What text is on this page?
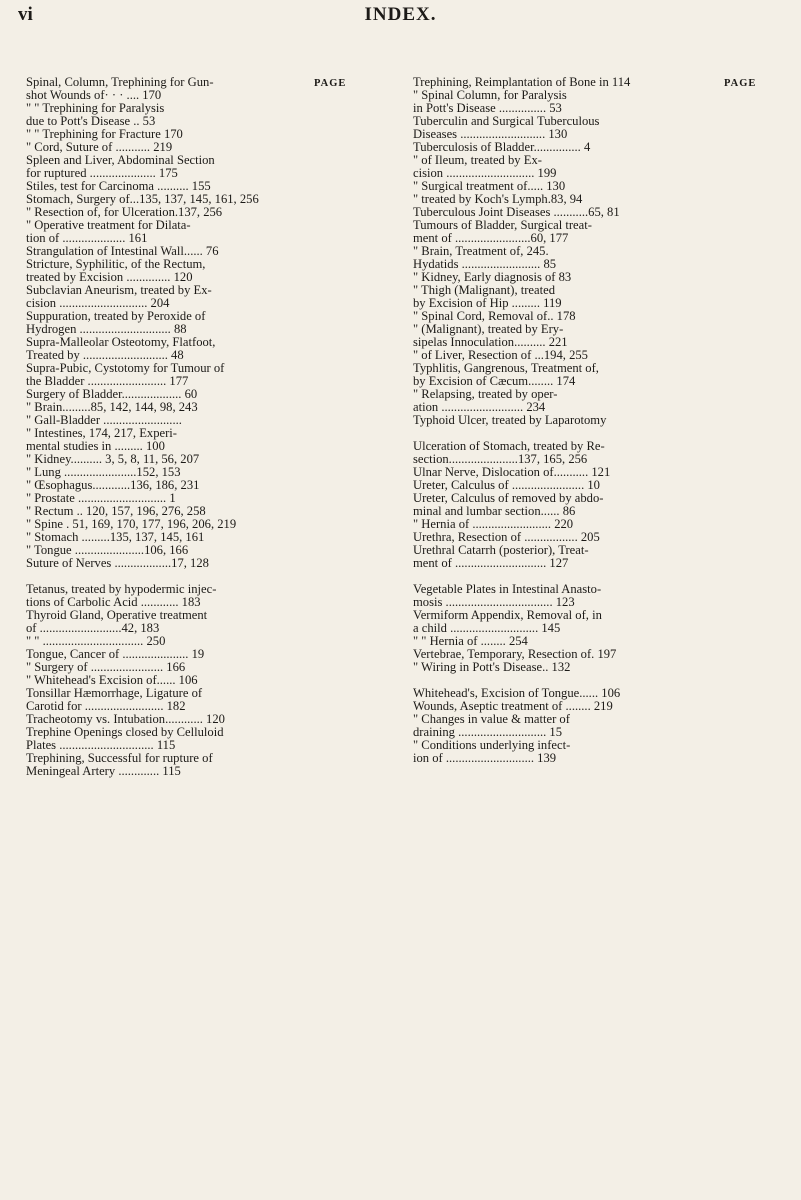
vi	INDEX.
PAGE	PAGE
Spinal, Column, Trephining for Gun-
shot Wounds of· · · .... 170
" " Trephining for Paralysis
due to Pott's Disease .. 53
" " Trephining for Fracture 170
" Cord, Suture of ........... 219
Spleen and Liver, Abdominal Section
for ruptured ..................... 175
Stiles, test for Carcinoma .......... 155
Stomach, Surgery of...135, 137, 145, 161, 256
" Resection of, for Ulceration.137, 256
" Operative treatment for Dilata-
tion of .................... 161
Strangulation of Intestinal Wall...... 76
Stricture, Syphilitic, of the Rectum,
treated by Excision .............. 120
Subclavian Aneurism, treated by Ex-
cision ............................ 204
Suppuration, treated by Peroxide of
Hydrogen ............................. 88
Supra-Malleolar Osteotomy, Flatfoot,
Treated by ........................... 48
Supra-Pubic, Cystotomy for Tumour of
the Bladder ......................... 177
Surgery of Bladder................... 60
" Brain.........85, 142, 144, 98, 243
" Gall-Bladder .........................
" Intestines, 174, 217, Experi-
mental studies in ......... 100
" Kidney.......... 3, 5, 8, 11, 56, 207
" Lung .......................152, 153
" Œsophagus............136, 186, 231
" Prostate ............................ 1
" Rectum .. 120, 157, 196, 276, 258
" Spine . 51, 169, 170, 177, 196, 206, 219
" Stomach .........135, 137, 145, 161
" Tongue ......................106, 166
Suture of Nerves ..................17, 128
Tetanus, treated by hypodermic injec-
tions of Carbolic Acid ............ 183
Thyroid Gland, Operative treatment
of ..........................42, 183
" " ................................ 250
Tongue, Cancer of ..................... 19
" Surgery of ....................... 166
" Whitehead's Excision of...... 106
Tonsillar Hæmorrhage, Ligature of
Carotid for ......................... 182
Tracheotomy vs. Intubation............ 120
Trephine Openings closed by Celluloid
Plates .............................. 115
Trephining, Successful for rupture of
Meningeal Artery ............. 115
Trephining, Reimplantation of Bone in 114
" Spinal Column, for Paralysis
in Pott's Disease ............... 53
Tuberculin and Surgical Tuberculous
Diseases ........................... 130
Tuberculosis of Bladder............... 4
" of Ileum, treated by Ex-
cision ............................ 199
" Surgical treatment of..... 130
" treated by Koch's Lymph.83, 94
Tuberculous Joint Diseases ...........65, 81
Tumours of Bladder, Surgical treat-
ment of ........................60, 177
" Brain, Treatment of, 245.
Hydatids ......................... 85
" Kidney, Early diagnosis of 83
" Thigh (Malignant), treated
by Excision of Hip ......... 119
" Spinal Cord, Removal of.. 178
" (Malignant), treated by Ery-
sipelas Innoculation.......... 221
" of Liver, Resection of ...194, 255
Typhlitis, Gangrenous, Treatment of,
by Excision of Cæcum........ 174
" Relapsing, treated by oper-
ation .......................... 234
Typhoid Ulcer, treated by Laparotomy
Ulceration of Stomach, treated by Re-
section......................137, 165, 256
Ulnar Nerve, Dislocation of........... 121
Ureter, Calculus of ....................... 10
Ureter, Calculus of removed by abdo-
minal and lumbar section...... 86
" Hernia of ......................... 220
Urethra, Resection of ................. 205
Urethral Catarrh (posterior), Treat-
ment of ............................. 127
Vegetable Plates in Intestinal Anasto-
mosis .................................. 123
Vermiform Appendix, Removal of, in
a child ............................ 145
" " Hernia of ........ 254
Vertebrae, Temporary, Resection of. 197
" Wiring in Pott's Disease.. 132
Whitehead's, Excision of Tongue...... 106
Wounds, Aseptic treatment of ........ 219
" Changes in value & matter of
draining ............................ 15
" Conditions underlying infect-
ion of ............................ 139
